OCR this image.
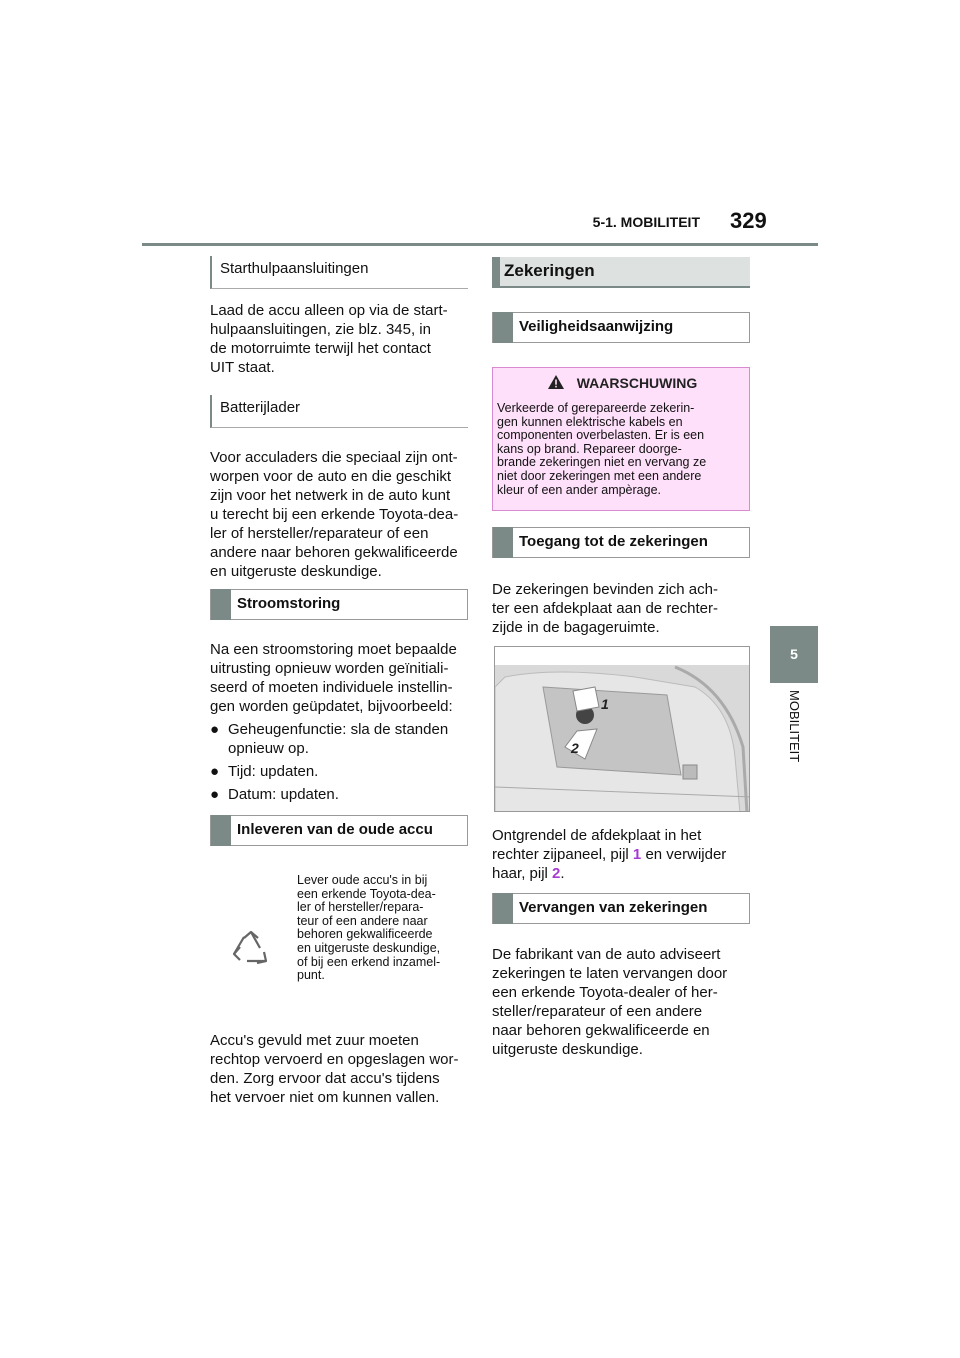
5-1. MOBILITEIT 329
5
MOBILITEIT
Starthulpaansluitingen
Laad de accu alleen op via de start-
hulpaansluitingen, zie blz. 345, in
de motorruimte terwijl het contact
UIT staat.
Batterijlader
Voor acculaders die speciaal zijn ont-
worpen voor de auto en die geschikt
zijn voor het netwerk in de auto kunt
u terecht bij een erkende Toyota-dea-
ler of hersteller/reparateur of een
andere naar behoren gekwalificeerde
en uitgeruste deskundige.
Stroomstoring
Na een stroomstoring moet bepaalde
uitrusting opnieuw worden geïnitiali-
seerd of moeten individuele instellin-
gen worden geüpdatet, bijvoorbeeld:
● Geheugenfunctie: sla de standen
opnieuw op.
● Tijd: updaten.
● Datum: updaten.
Inleveren van de oude accu
Lever oude accu's in bij
een erkende Toyota-dea-
ler of hersteller/repara-
teur of een andere naar
behoren gekwalificeerde
en uitgeruste deskundige,
of bij een erkend inzamel-
punt.
Accu's gevuld met zuur moeten
rechtop vervoerd en opgeslagen wor-
den. Zorg ervoor dat accu's tijdens
het vervoer niet om kunnen vallen.
Zekeringen
Veiligheidsaanwijzing
WAARSCHUWING
Verkeerde of gerepareerde zekerin-
gen kunnen elektrische kabels en
componenten overbelasten. Er is een
kans op brand. Repareer doorge-
brande zekeringen niet en vervang ze
niet door zekeringen met een andere
kleur of een ander ampèrage.
Toegang tot de zekeringen
De zekeringen bevinden zich ach-
ter een afdekplaat aan de rechter-
zijde in de bagageruimte.
1
2
Ontgrendel de afdekplaat in het
rechter zijpaneel, pijl 1 en verwijder
haar, pijl 2.
Vervangen van zekeringen
De fabrikant van de auto adviseert
zekeringen te laten vervangen door
een erkende Toyota-dealer of her-
steller/reparateur of een andere
naar behoren gekwalificeerde en
uitgeruste deskundige.
